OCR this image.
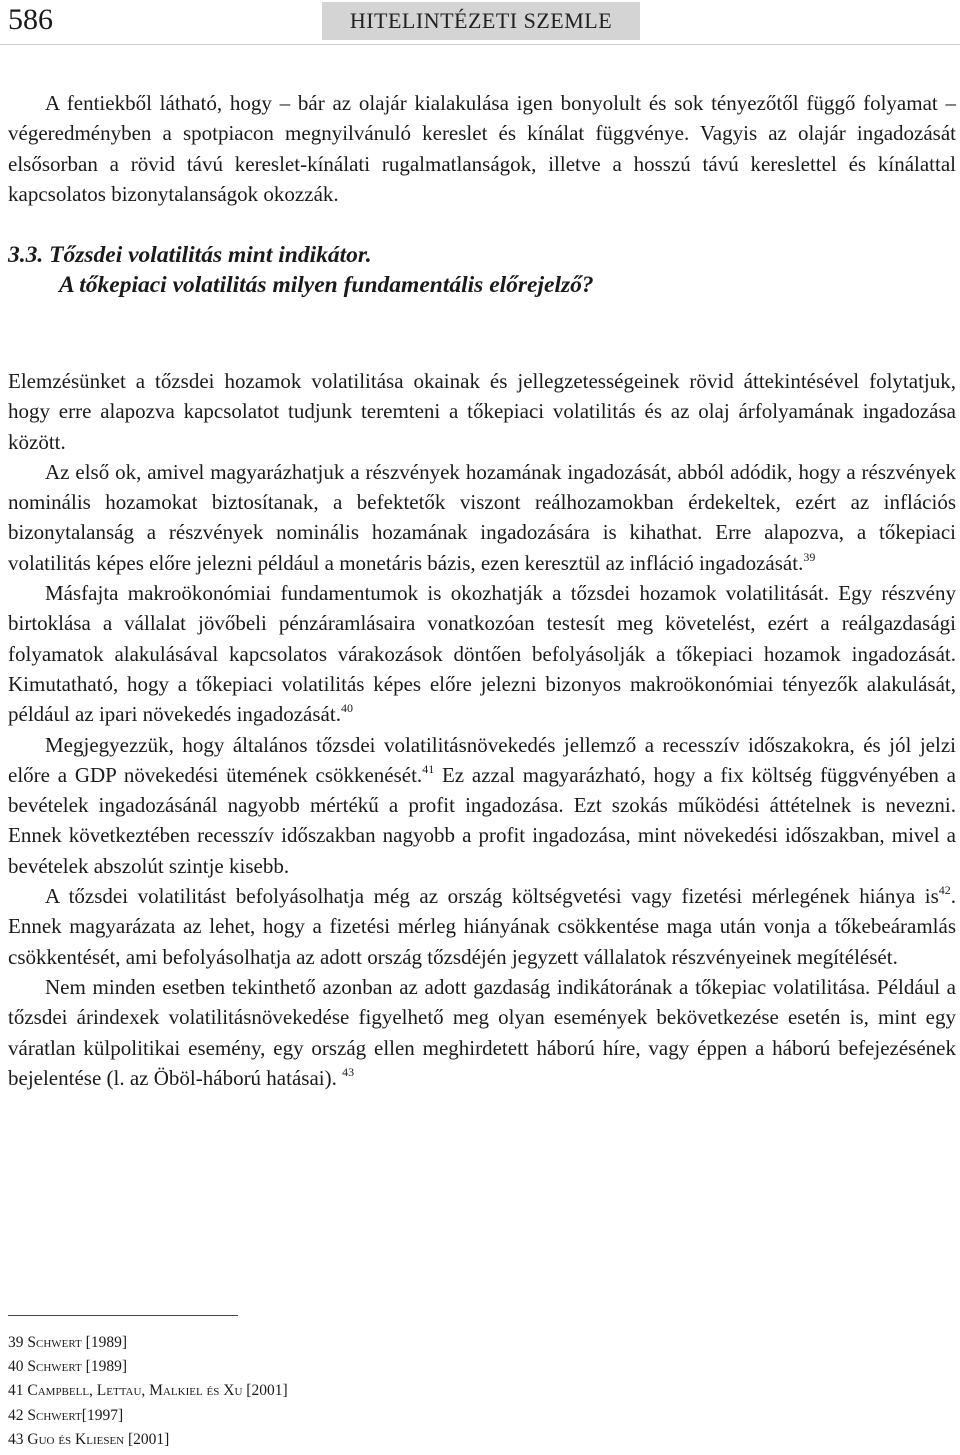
586	HITELINTÉZETI SZEMLE

A fentiekből látható, hogy – bár az olajár kialakulása igen bonyolult és sok tényezőtől függő folyamat – végeredményben a spotpiacon megnyilvánuló kereslet és kínálat függvénye. Vagyis az olajár ingadozását elsősorban a rövid távú kereslet-kínálati rugalmatlanságok, illetve a hosszú távú kereslettel és kínálattal kapcsolatos bizonytalanságok okozzák.

3.3. Tőzsdei volatilitás mint indikátor.
A tőkepiaci volatilitás milyen fundamentális előrejelző?

Elemzésünket a tőzsdei hozamok volatilitása okainak és jellegzetességeinek rövid áttekintésével folytatjuk, hogy erre alapozva kapcsolatot tudjunk teremteni a tőkepiaci volatilitás és az olaj árfolyamának ingadozása között.

Az első ok, amivel magyarázhatjuk a részvények hozamának ingadozását, abból adódik, hogy a részvények nominális hozamokat biztosítanak, a befektetők viszont reálhozamokban érdekeltek, ezért az inflációs bizonytalanság a részvények nominális hozamának ingadozására is kihathat. Erre alapozva, a tőkepiaci volatilitás képes előre jelezni például a monetáris bázis, ezen keresztül az infláció ingadozását.$^{39}$

Másfajta makroökonómiai fundamentumok is okozhatják a tőzsdei hozamok volatilitását. Egy részvény birtoklása a vállalat jövőbeli pénzáramlásaira vonatkozóan testesít meg követelést, ezért a reálgazdasági folyamatok alakulásával kapcsolatos várakozások döntően befolyásolják a tőkepiaci hozamok ingadozását. Kimutatható, hogy a tőkepiaci volatilitás képes előre jelezni bizonyos makroökonómiai tényezők alakulását, például az ipari növekedés ingadozását.$^{40}$

Megjegyezzük, hogy általános tőzsdei volatilitásnövekedés jellemző a recesszív időszakokra, és jól jelzi előre a GDP növekedési ütemének csökkenését.$^{41}$ Ez azzal magyarázható, hogy a fix költség függvényében a bevételek ingadozásánál nagyobb mértékű a profit ingadozása. Ezt szokás működési áttételnek is nevezni. Ennek következtében recesszív időszakban nagyobb a profit ingadozása, mint növekedési időszakban, mivel a bevételek abszolút szintje kisebb.

A tőzsdei volatilitást befolyásolhatja még az ország költségvetési vagy fizetési mérlegének hiánya $is^{42}$. Ennek magyarázata az lehet, hogy a fizetési mérleg hiányának csökkentése maga után vonja a tőkebeáramlás csökkentését, ami befolyásolhatja az adott ország tőzsdéjén jegyzett vállalatok részvényeinek megítélését.

Nem minden esetben tekinthető azonban az adott gazdaság indikátorának a tőkepiac volatilitása. Például a tőzsdei árindexek volatilitásnövekedése figyelhető meg olyan események bekövetkezése esetén is, mint egy váratlan külpolitikai esemény, egy ország ellen meghirdetett háború híre, vagy éppen a háború befejezésének bejelentése (l. az Öböl-háború hatásai). $^{43}$

39 Schwert [1989]
40 Schwert [1989]
41 Campbell, Lettau, Malkiel és Xu [2001]
42 Schwert[1997]
43 Guo és Kliesen [2001]
